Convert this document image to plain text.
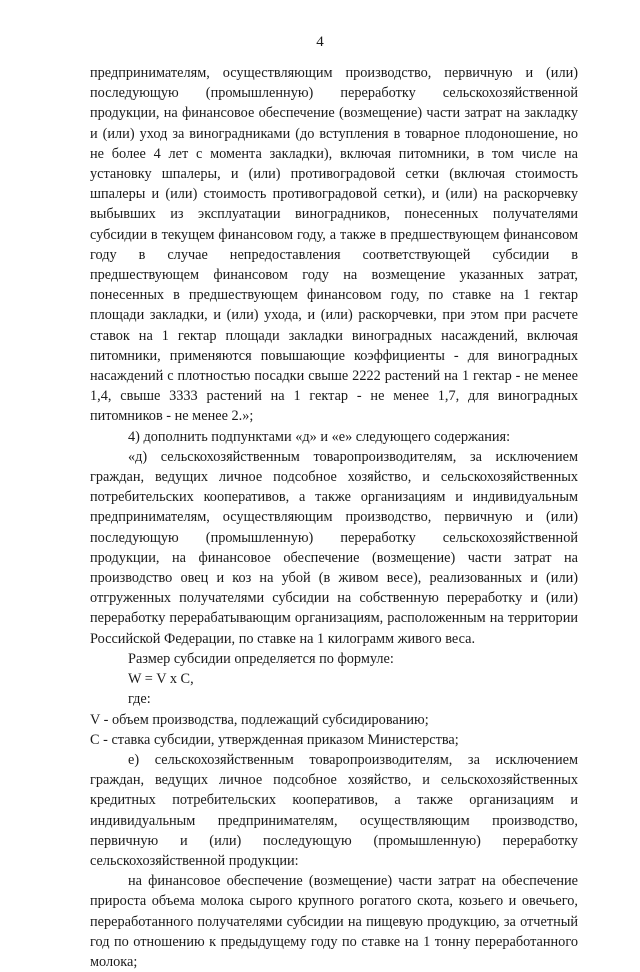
4

предпринимателям, осуществляющим производство, первичную и (или) последующую (промышленную) переработку сельскохозяйственной продукции, на финансовое обеспечение (возмещение) части затрат на закладку и (или) уход за виноградниками (до вступления в товарное плодоношение, но не более 4 лет с момента закладки), включая питомники, в том числе на установку шпалеры, и (или) противоградовой сетки (включая стоимость шпалеры и (или) стоимость противоградовой сетки), и (или) на раскорчевку выбывших из эксплуатации виноградников, понесенных получателями субсидии в текущем финансовом году, а также в предшествующем финансовом году в случае непредоставления соответствующей субсидии в предшествующем финансовом году на возмещение указанных затрат, понесенных в предшествующем финансовом году, по ставке на 1 гектар площади закладки, и (или) ухода, и (или) раскорчевки, при этом при расчете ставок на 1 гектар площади закладки виноградных насаждений, включая питомники, применяются повышающие коэффициенты - для виноградных насаждений с плотностью посадки свыше 2222 растений на 1 гектар - не менее 1,4, свыше 3333 растений на 1 гектар - не менее 1,7, для виноградных питомников - не менее 2.»;

4) дополнить подпунктами «д» и «е» следующего содержания:

«д) сельскохозяйственным товаропроизводителям, за исключением граждан, ведущих личное подсобное хозяйство, и сельскохозяйственных потребительских кооперативов, а также организациям и индивидуальным предпринимателям, осуществляющим производство, первичную и (или) последующую (промышленную) переработку сельскохозяйственной продукции, на финансовое обеспечение (возмещение) части затрат на производство овец и коз на убой (в живом весе), реализованных и (или) отгруженных получателями субсидии на собственную переработку и (или) переработку перерабатывающим организациям, расположенным на территории Российской Федерации, по ставке на 1 килограмм живого веса.

Размер субсидии определяется по формуле:

W = V x C,

где:

V - объем производства, подлежащий субсидированию;

C - ставка субсидии, утвержденная приказом Министерства;

е) сельскохозяйственным товаропроизводителям, за исключением граждан, ведущих личное подсобное хозяйство, и сельскохозяйственных кредитных потребительских кооперативов, а также организациям и индивидуальным предпринимателям, осуществляющим производство, первичную и (или) последующую (промышленную) переработку сельскохозяйственной продукции:

на финансовое обеспечение (возмещение) части затрат на обеспечение прироста объема молока сырого крупного рогатого скота, козьего и овечьего, переработанного получателями субсидии на пищевую продукцию, за отчетный год по отношению к предыдущему году по ставке на 1 тонну переработанного молока;
